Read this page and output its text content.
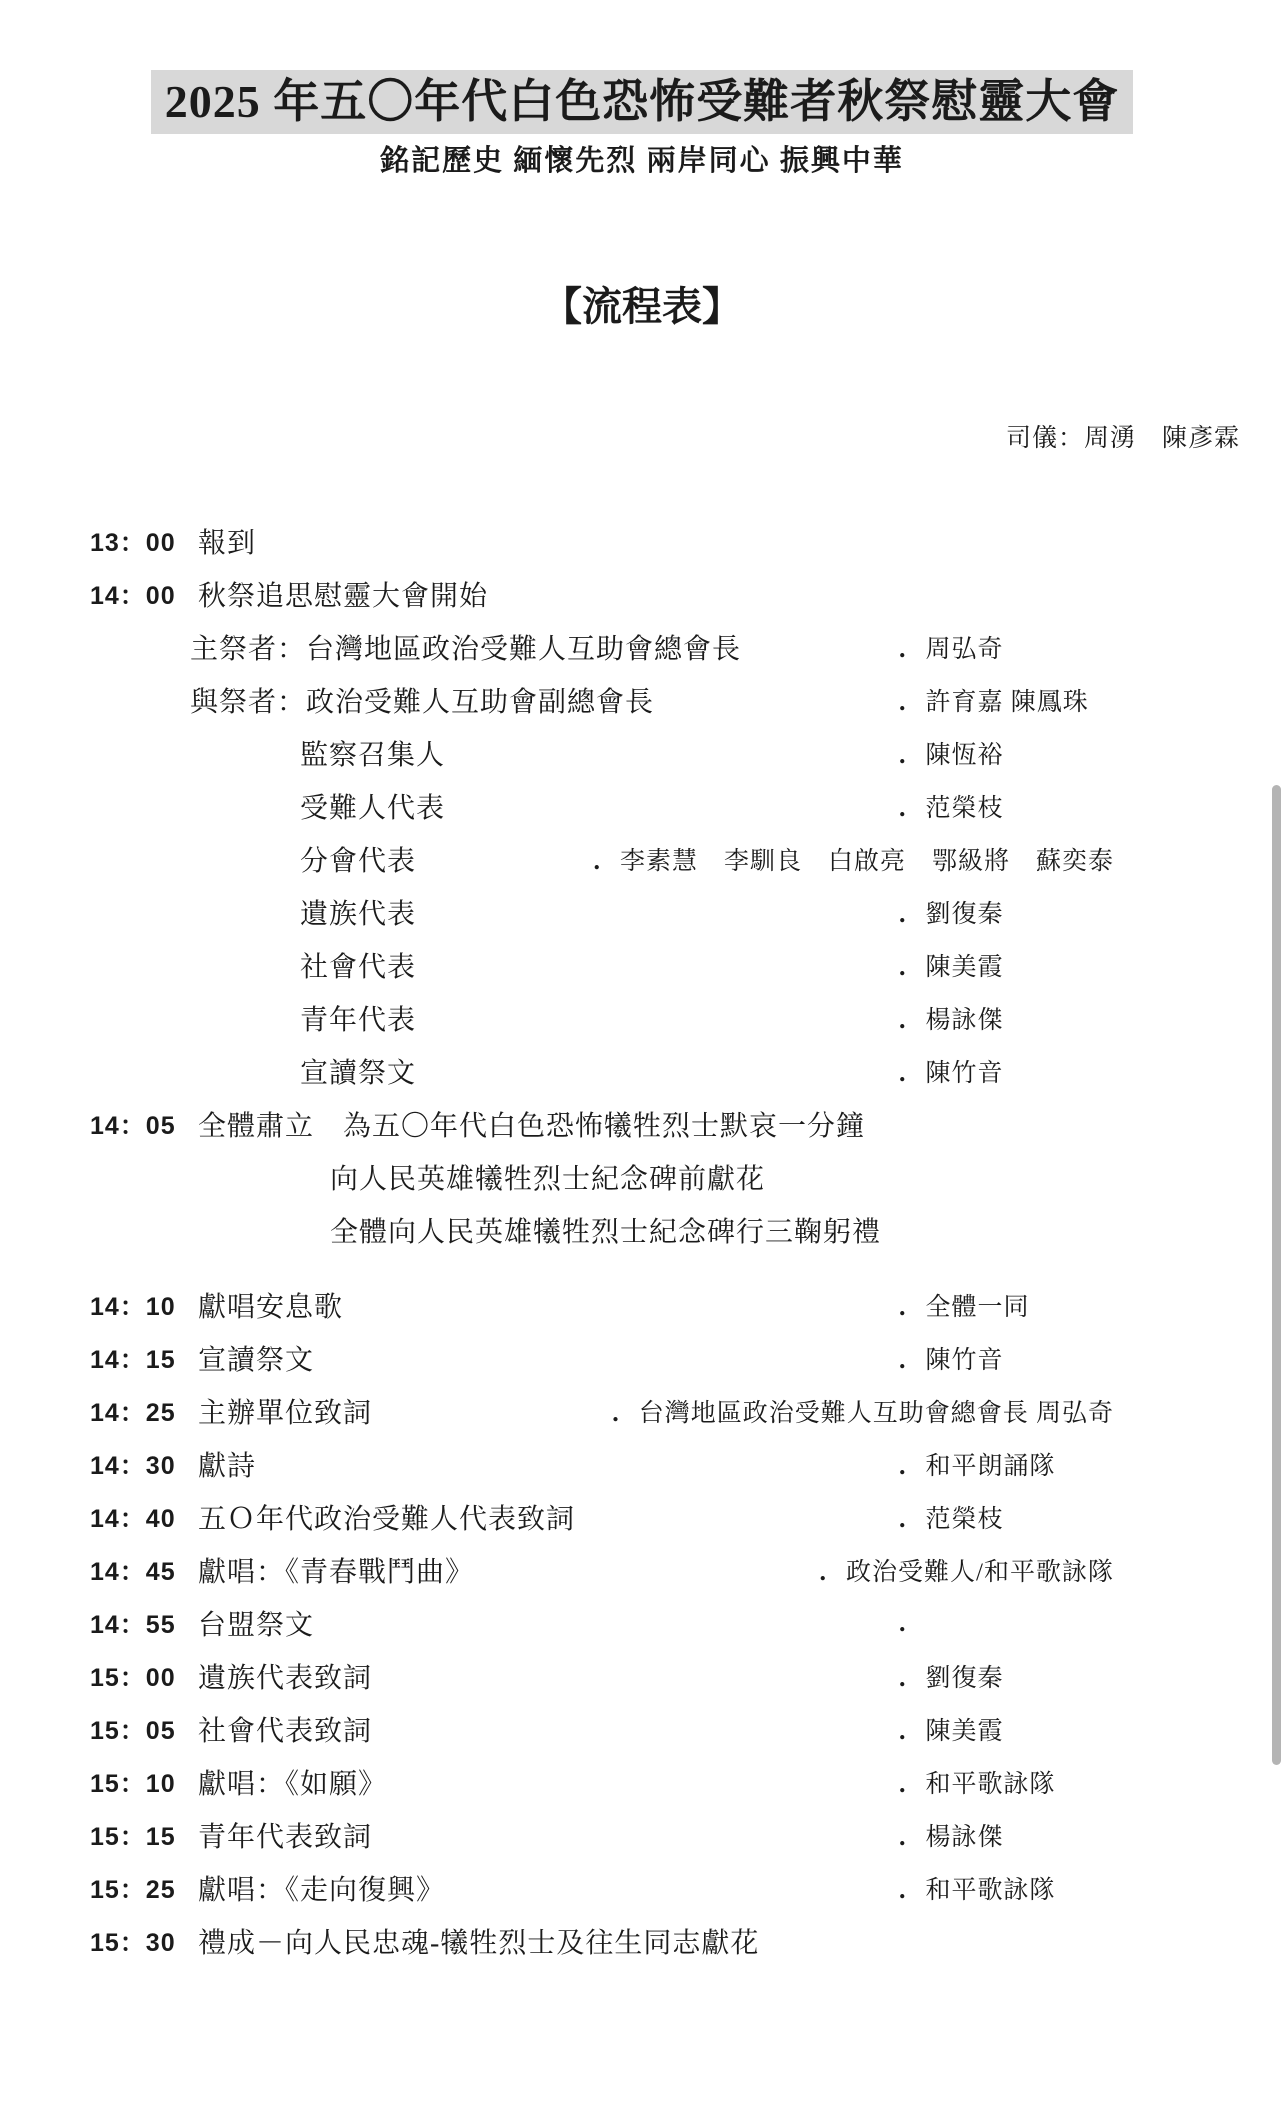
2025 年五〇年代白色恐怖受難者秋祭慰靈大會
銘記歷史 緬懷先烈 兩岸同心 振興中華
【流程表】
司儀：周湧　陳彥霖
13：00 報到
14：00 秋祭追思慰靈大會開始
主祭者：台灣地區政治受難人互助會總會長	. 周弘奇
與祭者：政治受難人互助會副總會長	. 許育嘉 陳鳳珠
監察召集人	. 陳恆裕
受難人代表	. 范榮枝
分會代表	. 李素慧　李馴良　白啟亮　鄂級將　蘇奕泰
遺族代表	. 劉復秦
社會代表	. 陳美霞
青年代表	. 楊詠傑
宣讀祭文	. 陳竹音
14：05 全體肅立　為五〇年代白色恐怖犧牲烈士默哀一分鐘
向人民英雄犧牲烈士紀念碑前獻花
全體向人民英雄犧牲烈士紀念碑行三鞠躬禮
14：10 獻唱安息歌	. 全體一同
14：15 宣讀祭文	. 陳竹音
14：25 主辦單位致詞	. 台灣地區政治受難人互助會總會長 周弘奇
14：30 獻詩	. 和平朗誦隊
14：40 五Ｏ年代政治受難人代表致詞	. 范榮枝
14：45 獻唱：《青春戰鬥曲》	. 政治受難人/和平歌詠隊
14：55 台盟祭文	.
15：00 遺族代表致詞	. 劉復秦
15：05 社會代表致詞	. 陳美霞
15：10 獻唱：《如願》	. 和平歌詠隊
15：15 青年代表致詞	. 楊詠傑
15：25 獻唱：《走向復興》	. 和平歌詠隊
15：30 禮成－向人民忠魂-犧牲烈士及往生同志獻花
